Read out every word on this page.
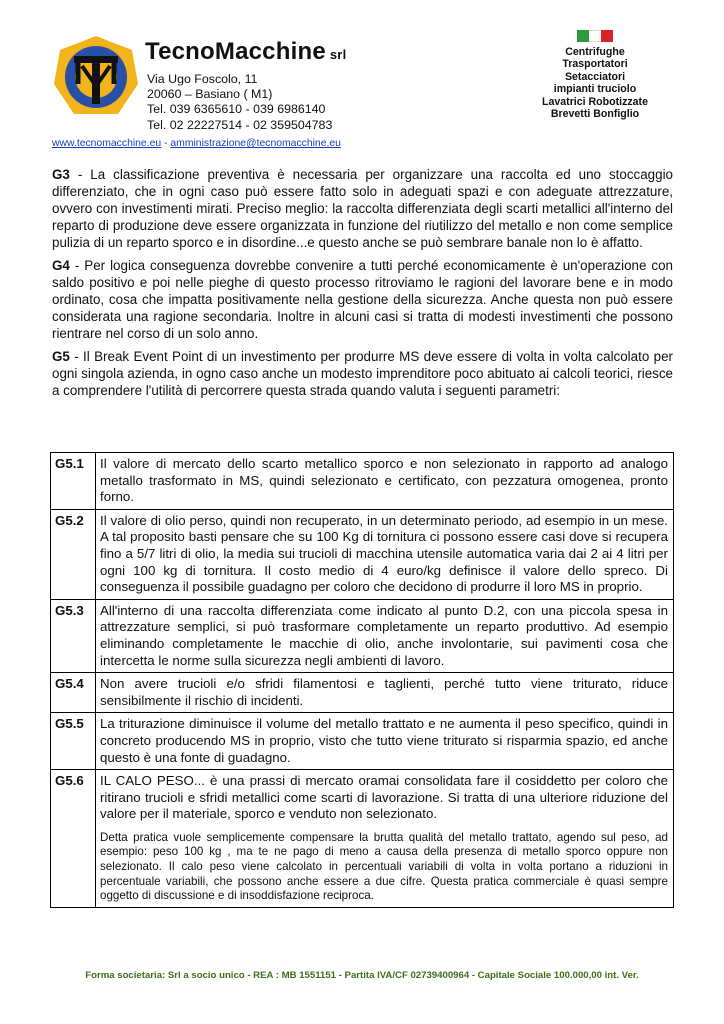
TecnoMacchine srl
Via Ugo Foscolo, 11
20060 – Basiano ( M1)
Tel. 039 6365610 - 039 6986140
Tel. 02 22227514 - 02 359504783
www.tecnomacchine.eu - amministrazione@tecnomacchine.eu
Centrifughe
Trasportatori
Setacciatori
impianti truciolo
Lavatrici Robotizzate
Brevetti Bonfiglio

G3 - La classificazione preventiva è necessaria per organizzare una raccolta ed uno stoccaggio differenziato, che in ogni caso può essere fatto solo in adeguati spazi e con adeguate attrezzature, ovvero con investimenti mirati. Preciso meglio: la raccolta differenziata degli scarti metallici all'interno del reparto di produzione deve essere organizzata in funzione del riutilizzo del metallo e non come semplice pulizia di un reparto sporco e in disordine...e questo anche se può sembrare banale non lo è affatto.

G4 - Per logica conseguenza dovrebbe convenire a tutti perché economicamente è un'operazione con saldo positivo e poi nelle pieghe di questo processo ritroviamo le ragioni del lavorare bene e in modo ordinato, cosa che impatta positivamente nella gestione della sicurezza. Anche questa non può essere considerata una ragione secondaria. Inoltre in alcuni casi si tratta di modesti investimenti che possono rientrare nel corso di un solo anno.

G5 - Il Break Event Point di un investimento per produrre MS deve essere di volta in volta calcolato per ogni singola azienda, in ogno caso anche un modesto imprenditore poco abituato ai calcoli teorici, riesce a comprendere l'utilità di percorrere questa strada quando valuta i seguenti parametri:

G5.1	Il valore di mercato dello scarto metallico sporco e non selezionato in rapporto ad analogo metallo trasformato in MS, quindi selezionato e certificato, con pezzatura omogenea, pronto forno.
G5.2	Il valore di olio perso, quindi non recuperato, in un determinato periodo, ad esempio in un mese. A tal proposito basti pensare che su 100 Kg di tornitura ci possono essere casi dove si recupera fino a 5/7 litri di olio, la media sui trucioli di macchina utensile automatica varia dai 2 ai 4 litri per ogni 100 kg di tornitura. Il costo medio di 4 euro/kg definisce il valore dello spreco. Di conseguenza il possibile guadagno per coloro che decidono di produrre il loro MS in proprio.
G5.3	All'interno di una raccolta differenziata come indicato al punto D.2, con una piccola spesa in attrezzature semplici, si può trasformare completamente un reparto produttivo. Ad esempio eliminando completamente le macchie di olio, anche involontarie, sui pavimenti cosa che intercetta le norme sulla sicurezza negli ambienti di lavoro.
G5.4	Non avere trucioli e/o sfridi filamentosi e taglienti, perché tutto viene triturato, riduce sensibilmente il rischio di incidenti.
G5.5	La triturazione diminuisce il volume del metallo trattato e ne aumenta il peso specifico, quindi in concreto producendo MS in proprio, visto che tutto viene triturato si risparmia spazio, ed anche questo è una fonte di guadagno.
G5.6	IL CALO PESO... è una prassi di mercato oramai consolidata fare il cosiddetto per coloro che ritirano trucioli e sfridi metallici come scarti di lavorazione. Si tratta di una ulteriore riduzione del valore per il materiale, sporco e venduto non selezionato.
Detta pratica vuole semplicemente compensare la brutta qualità del metallo trattato, agendo sul peso, ad esempio: peso 100 kg , ma te ne pago di meno a causa della presenza di metallo sporco oppure non selezionato. Il calo peso viene calcolato in percentuali variabili di volta in volta portano a riduzioni in percentuale variabili, che possono anche essere a due cifre. Questa pratica commerciale è quasi sempre oggetto di discussione e di insoddisfazione reciproca.
Forma societaria: Srl a socio unico - REA : MB 1551151 - Partita IVA/CF 02739400964 - Capitale Sociale 100.000,00 int. Ver.
